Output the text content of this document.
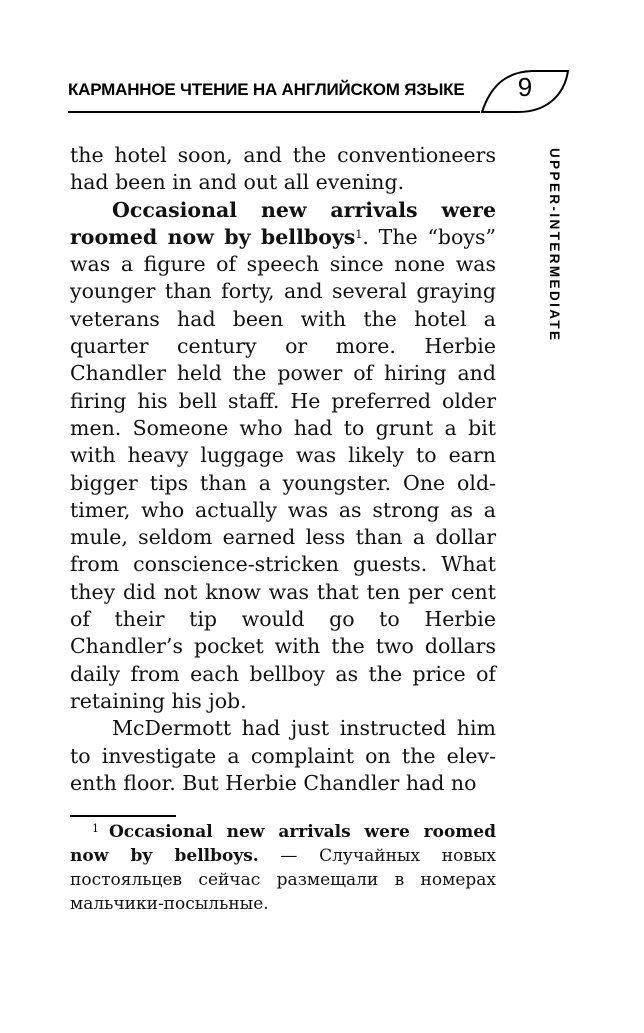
КАРМАННОЕ ЧТЕНИЕ НА АНГЛИЙСКОМ ЯЗЫКЕ	9
UPPER-INTERMEDIATE

the hotel soon, and the conventioneers had been in and out all evening.

Occasional new arrivals were roomed now by bellboys$^1$. The “boys” was a figure of speech since none was younger than forty, and several graying veterans had been with the hotel a quarter century or more. Herbie Chandler held the power of hiring and firing his bell staff. He preferred older men. Someone who had to grunt a bit with heavy luggage was likely to earn bigger tips than a youngster. One old-timer, who actually was as strong as a mule, seldom earned less than a dollar from conscience-stricken guests. What they did not know was that ten per cent of their tip would go to Herbie Chandler’s pocket with the two dollars daily from each bellboy as the price of retaining his job.

McDermott had just instructed him to investigate a complaint on the eleventh floor. But Herbie Chandler had no

$^1$ Occasional new arrivals were roomed now by bellboys. — Случайных новых постояльцев сейчас размещали в номерах мальчики-посыльные.
